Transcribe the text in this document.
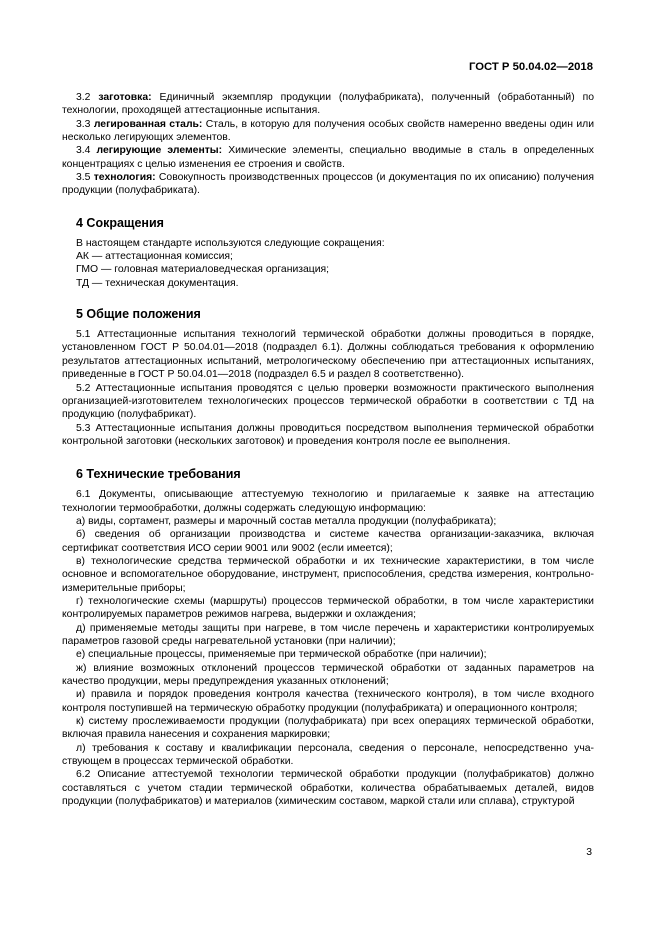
ГОСТ Р 50.04.02—2018

3.2 заготовка: Единичный экземпляр продукции (полуфабриката), полученный (обработанный) по технологии, проходящей аттестационные испытания.

3.3 легированная сталь: Сталь, в которую для получения особых свойств намеренно введены один или несколько легирующих элементов.

3.4 легирующие элементы: Химические элементы, специально вводимые в сталь в определенных концентрациях с целью изменения ее строения и свойств.

3.5 технология: Совокупность производственных процессов (и документация по их описанию) получения продукции (полуфабриката).

4 Сокращения

В настоящем стандарте используются следующие сокращения:

АК — аттестационная комиссия;

ГМО — головная материаловедческая организация;

ТД — техническая документация.

5 Общие положения

5.1 Аттестационные испытания технологий термической обработки должны проводиться в порядке, установленном ГОСТ Р 50.04.01—2018 (подраздел 6.1). Должны соблюдаться требования к оформлению результатов аттестационных испытаний, метрологическому обеспечению при аттестационных испытаниях, приведенные в ГОСТ Р 50.04.01—2018 (подраздел 6.5 и раздел 8 соответственно).

5.2 Аттестационные испытания проводятся с целью проверки возможности практического выполнения организацией-изготовителем технологических процессов термической обработки в соответствии с ТД на продукцию (полуфабрикат).

5.3 Аттестационные испытания должны проводиться посредством выполнения термической обработки контрольной заготовки (нескольких заготовок) и проведения контроля после ее выполнения.

6 Технические требования

6.1 Документы, описывающие аттестуемую технологию и прилагаемые к заявке на аттестацию технологии термообработки, должны содержать следующую информацию:

а) виды, сортамент, размеры и марочный состав металла продукции (полуфабриката);

б) сведения об организации производства и системе качества организации-заказчика, включая сертификат соответствия ИСО серии 9001 или 9002 (если имеется);

в) технологические средства термической обработки и их технические характеристики, в том числе основное и вспомогательное оборудование, инструмент, приспособления, средства измерения, контрольно-измерительные приборы;

г) технологические схемы (маршруты) процессов термической обработки, в том числе характеристики контролируемых параметров режимов нагрева, выдержки и охлаждения;

д) применяемые методы защиты при нагреве, в том числе перечень и характеристики контролируемых параметров газовой среды нагревательной установки (при наличии);

е) специальные процессы, применяемые при термической обработке (при наличии);

ж) влияние возможных отклонений процессов термической обработки от заданных параметров на качество продукции, меры предупреждения указанных отклонений;

и) правила и порядок проведения контроля качества (технического контроля), в том числе входного контроля поступившей на термическую обработку продукции (полуфабриката) и операционного контроля;

к) систему прослеживаемости продукции (полуфабриката) при всех операциях термической обработки, включая правила нанесения и сохранения маркировки;

л) требования к составу и квалификации персонала, сведения о персонале, непосредственно участвующем в процессах термической обработки.

6.2 Описание аттестуемой технологии термической обработки продукции (полуфабрикатов) должно составляться с учетом стадии термической обработки, количества обрабатываемых деталей, видов продукции (полуфабрикатов) и материалов (химическим составом, маркой стали или сплава), структурой

3
